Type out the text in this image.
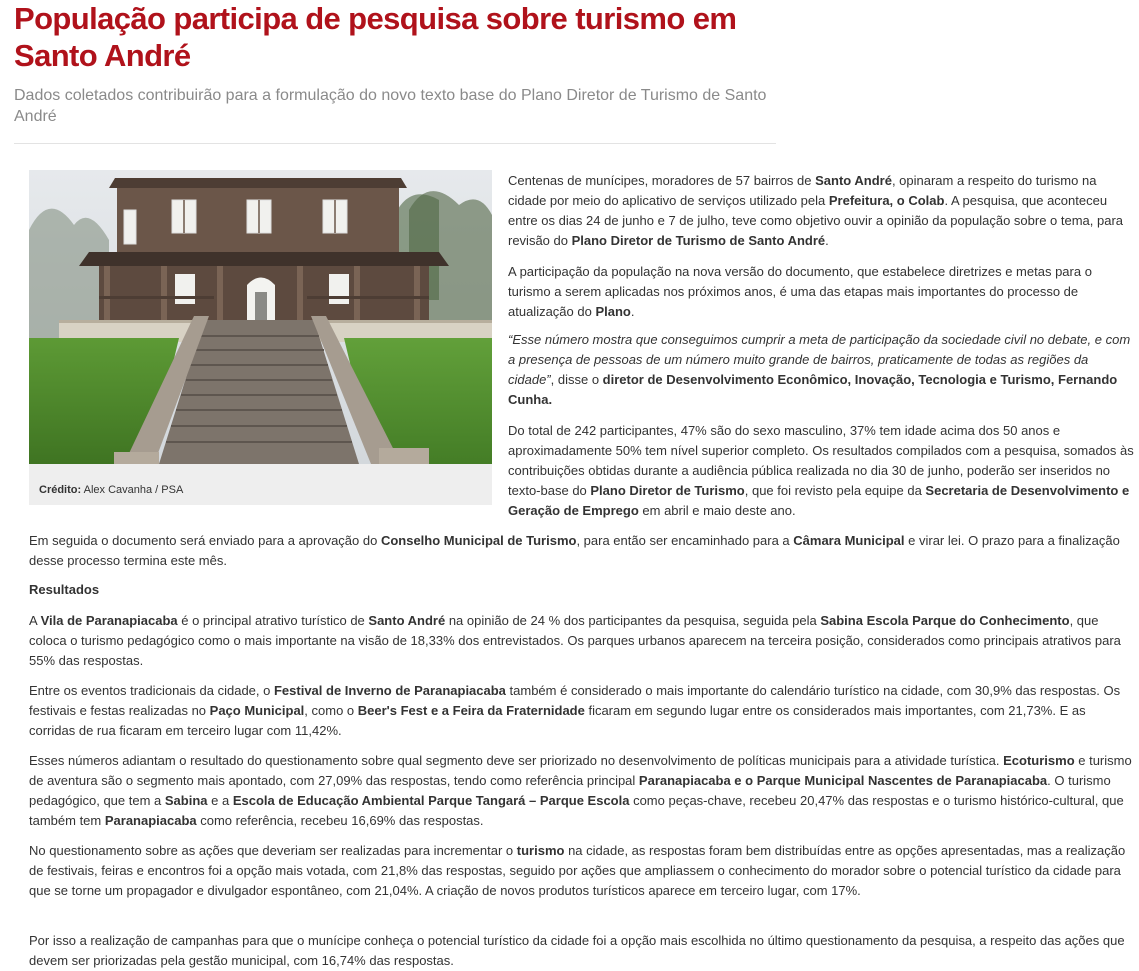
População participa de pesquisa sobre turismo em Santo André

Dados coletados contribuirão para a formulação do novo texto base do Plano Diretor de Turismo de Santo André

Crédito: Alex Cavanha / PSA

Centenas de munícipes, moradores de 57 bairros de Santo André, opinaram a respeito do turismo na cidade por meio do aplicativo de serviços utilizado pela Prefeitura, o Colab. A pesquisa, que aconteceu entre os dias 24 de junho e 7 de julho, teve como objetivo ouvir a opinião da população sobre o tema, para revisão do Plano Diretor de Turismo de Santo André.

A participação da população na nova versão do documento, que estabelece diretrizes e metas para o turismo a serem aplicadas nos próximos anos, é uma das etapas mais importantes do processo de atualização do Plano.

“Esse número mostra que conseguimos cumprir a meta de participação da sociedade civil no debate, e com a presença de pessoas de um número muito grande de bairros, praticamente de todas as regiões da cidade”, disse o diretor de Desenvolvimento Econômico, Inovação, Tecnologia e Turismo, Fernando Cunha.

Do total de 242 participantes, 47% são do sexo masculino, 37% tem idade acima dos 50 anos e aproximadamente 50% tem nível superior completo. Os resultados compilados com a pesquisa, somados às contribuições obtidas durante a audiência pública realizada no dia 30 de junho, poderão ser inseridos no texto-base do Plano Diretor de Turismo, que foi revisto pela equipe da Secretaria de Desenvolvimento e Geração de Emprego em abril e maio deste ano.

Em seguida o documento será enviado para a aprovação do Conselho Municipal de Turismo, para então ser encaminhado para a Câmara Municipal e virar lei. O prazo para a finalização desse processo termina este mês.

Resultados

A Vila de Paranapiacaba é o principal atrativo turístico de Santo André na opinião de 24 % dos participantes da pesquisa, seguida pela Sabina Escola Parque do Conhecimento, que coloca o turismo pedagógico como o mais importante na visão de 18,33% dos entrevistados. Os parques urbanos aparecem na terceira posição, considerados como principais atrativos para 55% das respostas.

Entre os eventos tradicionais da cidade, o Festival de Inverno de Paranapiacaba também é considerado o mais importante do calendário turístico na cidade, com 30,9% das respostas. Os festivais e festas realizadas no Paço Municipal, como o Beer's Fest e a Feira da Fraternidade ficaram em segundo lugar entre os considerados mais importantes, com 21,73%. E as corridas de rua ficaram em terceiro lugar com 11,42%.

Esses números adiantam o resultado do questionamento sobre qual segmento deve ser priorizado no desenvolvimento de políticas municipais para a atividade turística. Ecoturismo e turismo de aventura são o segmento mais apontado, com 27,09% das respostas, tendo como referência principal Paranapiacaba e o Parque Municipal Nascentes de Paranapiacaba. O turismo pedagógico, que tem a Sabina e a Escola de Educação Ambiental Parque Tangará – Parque Escola como peças-chave, recebeu 20,47% das respostas e o turismo histórico-cultural, que também tem Paranapiacaba como referência, recebeu 16,69% das respostas.

No questionamento sobre as ações que deveriam ser realizadas para incrementar o turismo na cidade, as respostas foram bem distribuídas entre as opções apresentadas, mas a realização de festivais, feiras e encontros foi a opção mais votada, com 21,8% das respostas, seguido por ações que ampliassem o conhecimento do morador sobre o potencial turístico da cidade para que se torne um propagador e divulgador espontâneo, com 21,04%. A criação de novos produtos turísticos aparece em terceiro lugar, com 17%.

Por isso a realização de campanhas para que o munícipe conheça o potencial turístico da cidade foi a opção mais escolhida no último questionamento da pesquisa, a respeito das ações que devem ser priorizadas pela gestão municipal, com 16,74% das respostas.
